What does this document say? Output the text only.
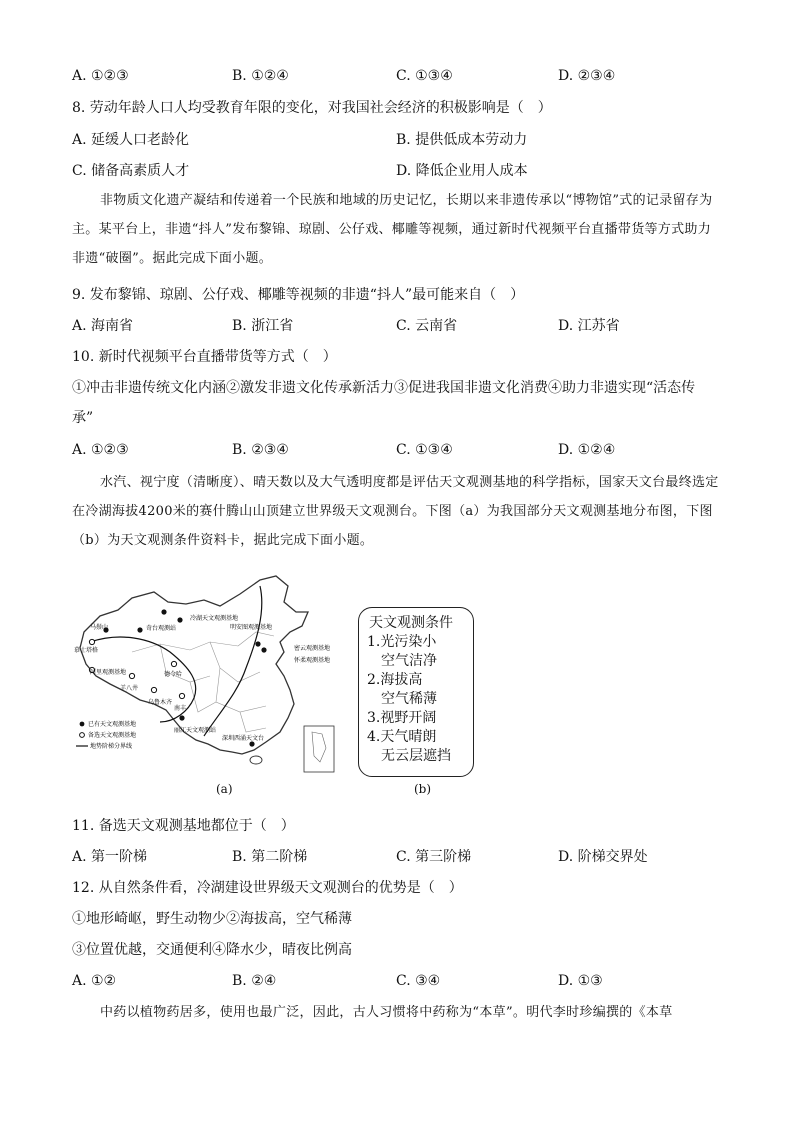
A. ①②③	B. ①②④	C. ①③④	D. ②③④
8. 劳动年龄人口人均受教育年限的变化，对我国社会经济的积极影响是（　）
A. 延缓人口老龄化	B. 提供低成本劳动力
C. 储备高素质人才	D. 降低企业用人成本
非物质文化遗产凝结和传递着一个民族和地域的历史记忆，长期以来非遗传承以“博物馆”式的记录留存为主。某平台上，非遗“抖人”发布黎锦、琼剧、公仔戏、椰雕等视频，通过新时代视频平台直播带货等方式助力非遗“破圈”。据此完成下面小题。
9. 发布黎锦、琼剧、公仔戏、椰雕等视频的非遗“抖人”最可能来自（　）
A. 海南省	B. 浙江省	C. 云南省	D. 江苏省
10. 新时代视频平台直播带货等方式（　）
①冲击非遗传统文化内涵②激发非遗文化传承新活力③促进我国非遗文化消费④助力非遗实现“活态传
承”
A. ①②③	B. ②③④	C. ①③④	D. ①②④
水汽、视宁度（清晰度）、晴天数以及大气透明度都是评估天文观测基地的科学指标，国家天文台最终选定在冷湖海拔4200米的赛什腾山山顶建立世界级天文观测台。下图（a）为我国部分天文观测基地分布图，下图（b）为天文观测条件资料卡，据此完成下面小题。
马鬃山	奇台观测站
冷湖天文观测基地
明安图观测基地
密云观测基地
怀柔观测基地
慕士塔格
阿里观测基地	德令哈
羊八井
乌鲁木齐
南丰
丽江天文观测站
深圳西涌天文台
已有天文观测基地
备选天文观测基地
地势阶梯分界线
(a)
天文观测条件
1.光污染小
空气洁净
2.海拔高
空气稀薄
3.视野开阔
4.天气晴朗
无云层遮挡
(b)
11. 备选天文观测基地都位于（　）
A. 第一阶梯	B. 第二阶梯	C. 第三阶梯	D. 阶梯交界处
12. 从自然条件看，冷湖建设世界级天文观测台的优势是（　）
①地形崎岖，野生动物少②海拔高，空气稀薄
③位置优越，交通便利④降水少，晴夜比例高
A. ①②	B. ②④	C. ③④	D. ①③
中药以植物药居多，使用也最广泛，因此，古人习惯将中药称为“本草”。明代李时珍编撰的《本草
